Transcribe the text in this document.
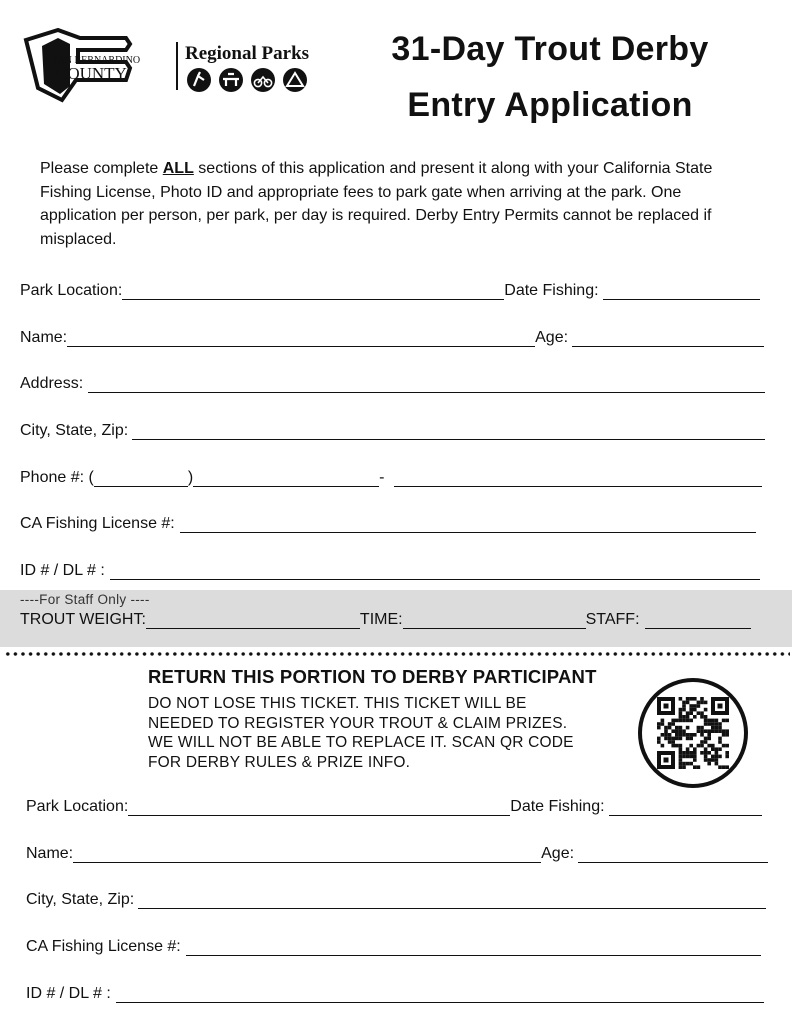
SAN BERNARDINO
COUNTY
Regional Parks	31-Day Trout Derby
Entry Application

Please complete ALL sections of this application and present it along with your California State Fishing License, Photo ID and appropriate fees to park gate when arriving at the park. One application per person, per park, per day is required. Derby Entry Permits cannot be replaced if misplaced.

Park Location:	Date Fishing:
Name:	Age:
Address:
City, State, Zip:
Phone #: (	)	-
CA Fishing License #:
ID # / DL # :
----For Staff Only ----
TROUT WEIGHT:	TIME:	STAFF:
RETURN THIS PORTION TO DERBY PARTICIPANT
DO NOT LOSE THIS TICKET. THIS TICKET WILL BE
NEEDED TO REGISTER YOUR TROUT & CLAIM PRIZES.
WE WILL NOT BE ABLE TO REPLACE IT. SCAN QR CODE
FOR DERBY RULES & PRIZE INFO.
Park Location:	Date Fishing:
Name:	Age:
City, State, Zip:
CA Fishing License #:
ID # / DL # :
